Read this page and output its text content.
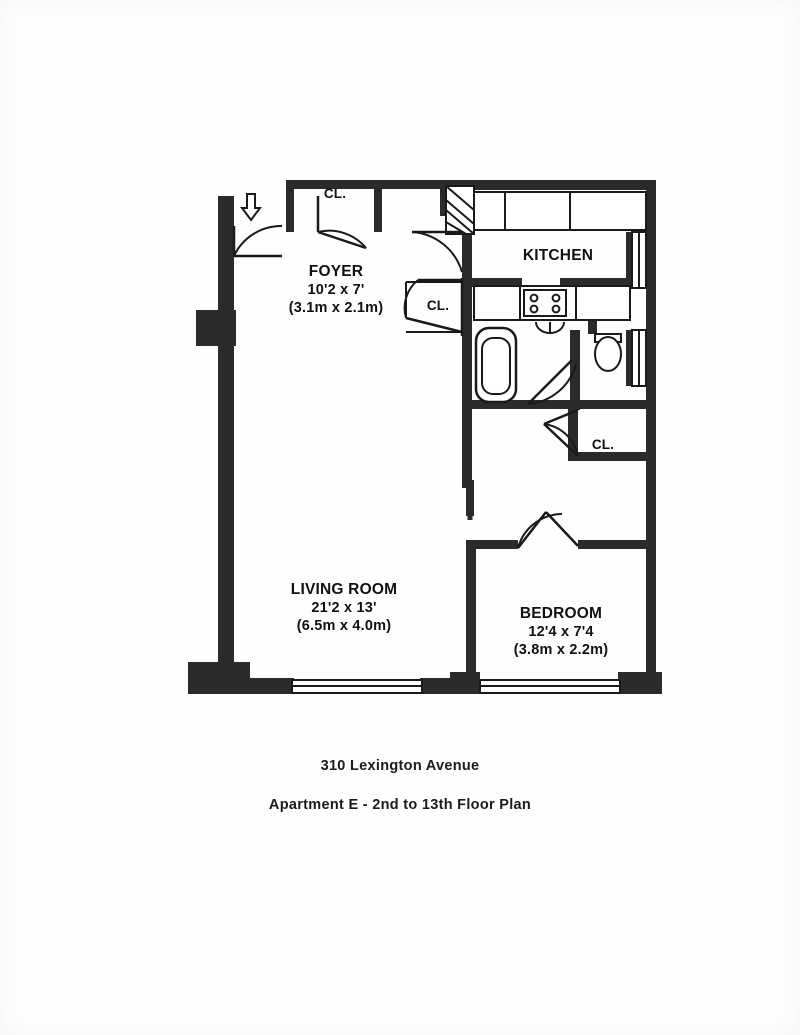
CL.
CL.
CL.
FOYER
10'2 x 7'
(3.1m x 2.1m)
KITCHEN
LIVING ROOM
21'2 x 13'
(6.5m x 4.0m)
BEDROOM
12'4 x 7'4
(3.8m x 2.2m)
310 Lexington Avenue
Apartment E - 2nd to 13th Floor Plan
